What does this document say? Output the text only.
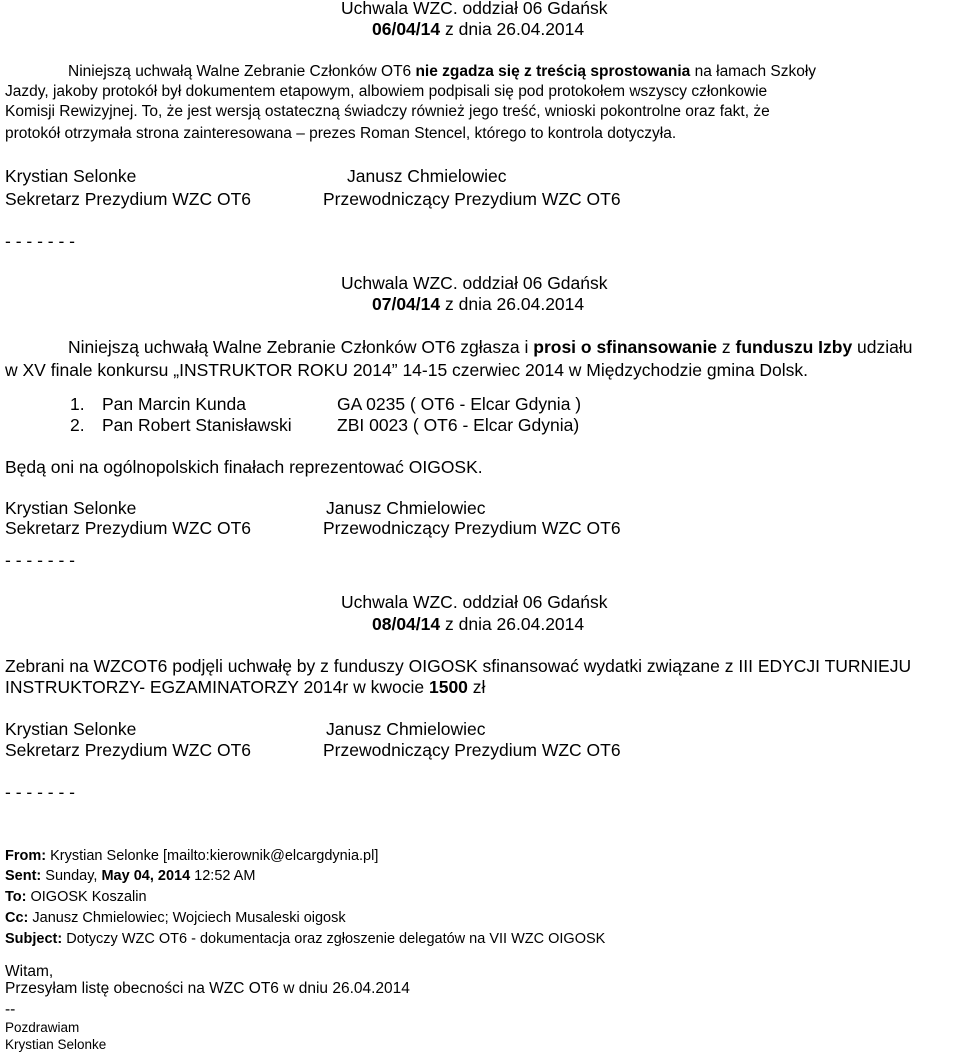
Uchwala WZC. oddział 06 Gdańsk
06/04/14 z dnia 26.04.2014
Niniejszą uchwałą Walne Zebranie Członków OT6 nie zgadza się z treścią sprostowania na łamach Szkoły
Jazdy, jakoby protokół był dokumentem etapowym, albowiem podpisali się pod protokołem wszyscy członkowie
Komisji Rewizyjnej. To, że jest wersją ostateczną świadczy również jego treść, wnioski pokontrolne oraz fakt, że
protokół otrzymała strona zainteresowana – prezes Roman Stencel, którego to kontrola dotyczyła.
Krystian Selonke	Janusz Chmielowiec
Sekretarz Prezydium WZC OT6	Przewodniczący Prezydium WZC OT6
- - - - - - -
Uchwala WZC. oddział 06 Gdańsk
07/04/14 z dnia 26.04.2014
Niniejszą uchwałą Walne Zebranie Członków OT6 zgłasza i prosi o sfinansowanie z funduszu Izby udziału
w XV finale konkursu „INSTRUKTOR ROKU 2014” 14-15 czerwiec 2014 w Międzychodzie gmina Dolsk.
1. Pan Marcin Kunda	GA 0235 ( OT6 - Elcar Gdynia )
2. Pan Robert Stanisławski	ZBI 0023 ( OT6 - Elcar Gdynia)
Będą oni na ogólnopolskich finałach reprezentować OIGOSK.
Krystian Selonke	Janusz Chmielowiec
Sekretarz Prezydium WZC OT6	Przewodniczący Prezydium WZC OT6
- - - - - - -
Uchwala WZC. oddział 06 Gdańsk
08/04/14 z dnia 26.04.2014
Zebrani na WZCOT6 podjęli uchwałę by z funduszy OIGOSK sfinansować wydatki związane z III EDYCJI TURNIEJU
INSTRUKTORZY- EGZAMINATORZY 2014r w kwocie 1500 zł
Krystian Selonke	Janusz Chmielowiec
Sekretarz Prezydium WZC OT6	Przewodniczący Prezydium WZC OT6
- - - - - - -
From: Krystian Selonke [mailto:kierownik@elcargdynia.pl]
Sent: Sunday, May 04, 2014 12:52 AM
To: OIGOSK Koszalin
Cc: Janusz Chmielowiec; Wojciech Musaleski oigosk
Subject: Dotyczy WZC OT6 - dokumentacja oraz zgłoszenie delegatów na VII WZC OIGOSK
Witam,
Przesyłam listę obecności na WZC OT6 w dniu 26.04.2014
--
Pozdrawiam
Krystian Selonke
